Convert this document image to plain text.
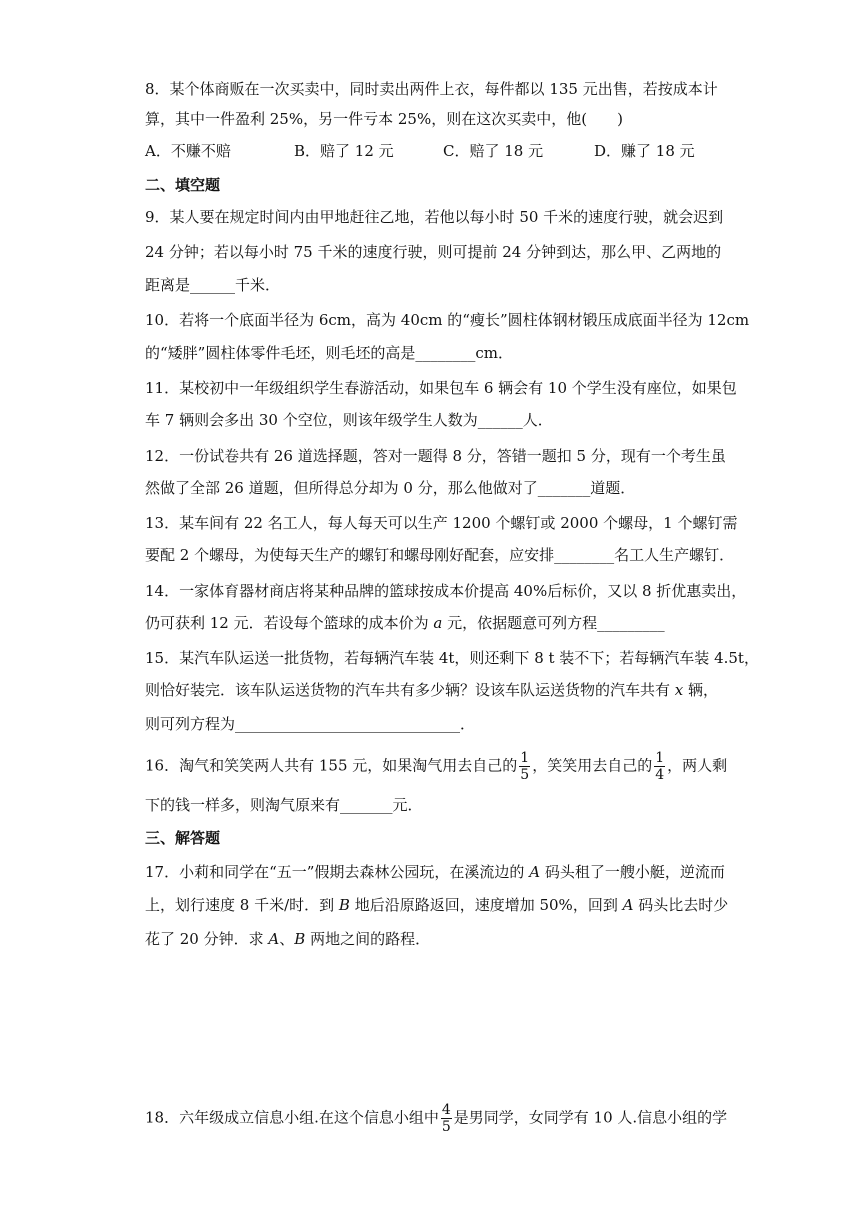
8．某个体商贩在一次买卖中，同时卖出两件上衣，每件都以 135 元出售，若按成本计
算，其中一件盈利 25%，另一件亏本 25%，则在这次买卖中，他(　　)
A．不赚不赔	B．赔了 12 元	C．赔了 18 元	D．赚了 18 元
二、填空题
9．某人要在规定时间内由甲地赶往乙地，若他以每小时 50 千米的速度行驶，就会迟到
24 分钟；若以每小时 75 千米的速度行驶，则可提前 24 分钟到达，那么甲、乙两地的
距离是______千米．
10．若将一个底面半径为 6cm，高为 40cm 的“瘦长”圆柱体钢材锻压成底面半径为 12cm
的“矮胖”圆柱体零件毛坯，则毛坯的高是________cm．
11．某校初中一年级组织学生春游活动，如果包车 6 辆会有 10 个学生没有座位，如果包
车 7 辆则会多出 30 个空位，则该年级学生人数为______人．
12．一份试卷共有 26 道选择题，答对一题得 8 分，答错一题扣 5 分，现有一个考生虽
然做了全部 26 道题，但所得总分却为 0 分，那么他做对了_______道题．
13．某车间有 22 名工人，每人每天可以生产 1200 个螺钉或 2000 个螺母，1 个螺钉需
要配 2 个螺母，为使每天生产的螺钉和螺母刚好配套，应安排________名工人生产螺钉．
14．一家体育器材商店将某种品牌的篮球按成本价提高 40%后标价，又以 8 折优惠卖出，
仍可获利 12 元．若设每个篮球的成本价为 a 元，依据题意可列方程_________
15．某汽车队运送一批货物，若每辆汽车装 4t，则还剩下 8 t 装不下；若每辆汽车装 4.5t，
则恰好装完．该车队运送货物的汽车共有多少辆？设该车队运送货物的汽车共有 x 辆，
则可列方程为______________________________．
16．淘气和笑笑两人共有 155 元，如果淘气用去自己的 $\frac{1}{5}$ ，笑笑用去自己的 $\frac{1}{4}$ ，两人剩
下的钱一样多，则淘气原来有_______元．
三、解答题
17．小莉和同学在“五一”假期去森林公园玩，在溪流边的 A 码头租了一艘小艇，逆流而
上，划行速度 8 千米/时．到 B 地后沿原路返回，速度增加 50%，回到 A 码头比去时少
花了 20 分钟．求 A、B 两地之间的路程．
18．六年级成立信息小组.在这个信息小组中 $\frac{4}{5}$ 是男同学，女同学有 10 人.信息小组的学
